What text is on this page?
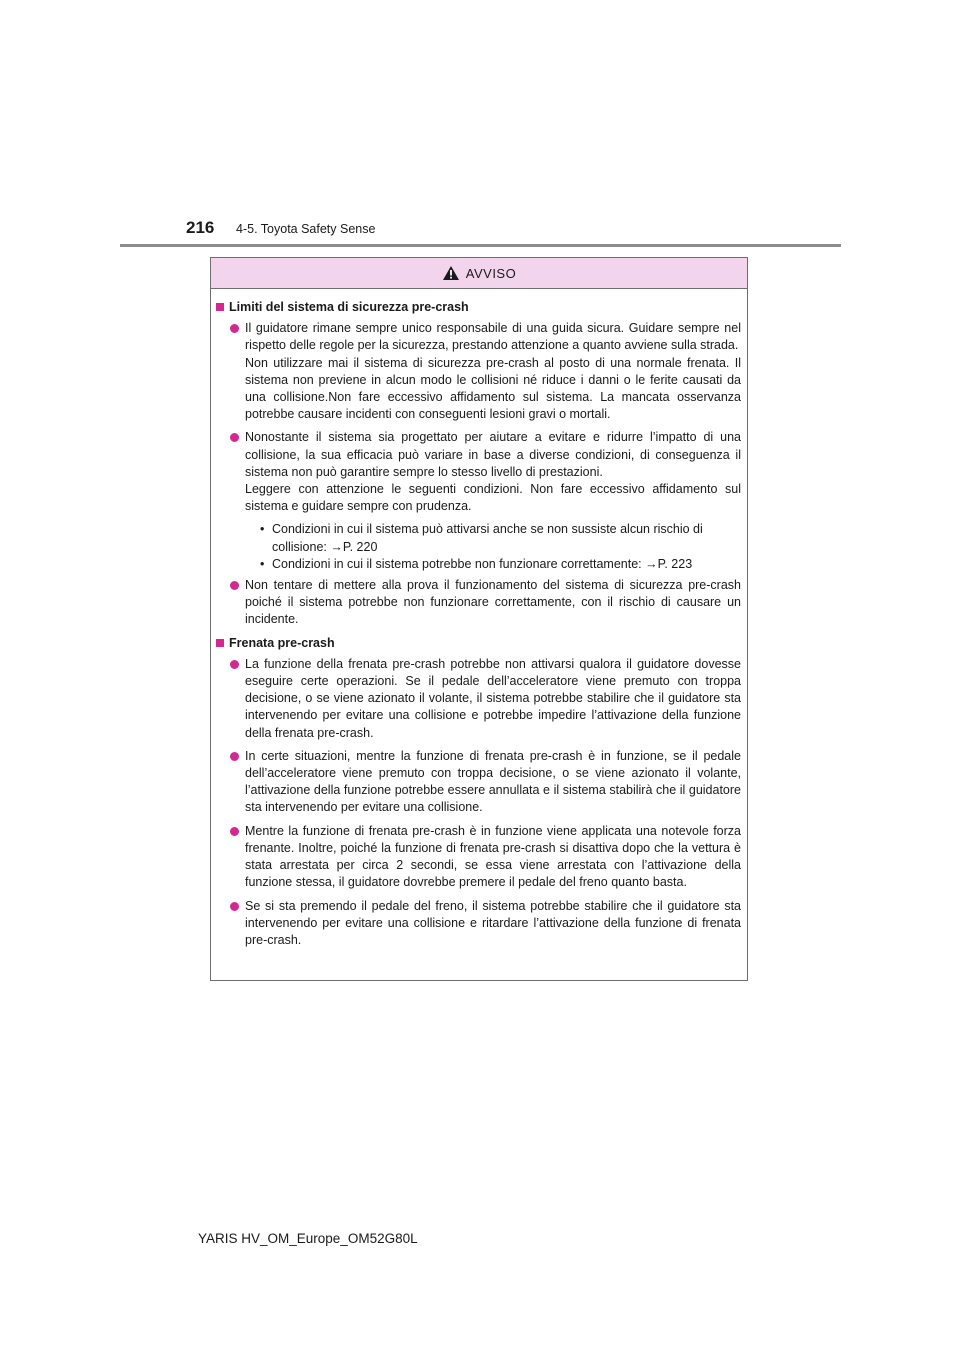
216 4-5. Toyota Safety Sense
AVVISO
Limiti del sistema di sicurezza pre-crash

Il guidatore rimane sempre unico responsabile di una guida sicura. Guidare sempre nel rispetto delle regole per la sicurezza, prestando attenzione a quanto avviene sulla strada.

Non utilizzare mai il sistema di sicurezza pre-crash al posto di una normale frenata. Il sistema non previene in alcun modo le collisioni né riduce i danni o le ferite causati da una collisione.Non fare eccessivo affidamento sul sistema. La mancata osservanza potrebbe causare incidenti con conseguenti lesioni gravi o mortali.

Nonostante il sistema sia progettato per aiutare a evitare e ridurre l’impatto di una collisione, la sua efficacia può variare in base a diverse condizioni, di conseguenza il sistema non può garantire sempre lo stesso livello di prestazioni.

Leggere con attenzione le seguenti condizioni. Non fare eccessivo affidamento sul sistema e guidare sempre con prudenza.

• Condizioni in cui il sistema può attivarsi anche se non sussiste alcun rischio di collisione: →P. 220
• Condizioni in cui il sistema potrebbe non funzionare correttamente: →P. 223

Non tentare di mettere alla prova il funzionamento del sistema di sicurezza pre-crash poiché il sistema potrebbe non funzionare correttamente, con il rischio di causare un incidente.

Frenata pre-crash

La funzione della frenata pre-crash potrebbe non attivarsi qualora il guidatore dovesse eseguire certe operazioni. Se il pedale dell’acceleratore viene premuto con troppa decisione, o se viene azionato il volante, il sistema potrebbe stabilire che il guidatore sta intervenendo per evitare una collisione e potrebbe impedire l’attivazione della funzione della frenata pre-crash.

In certe situazioni, mentre la funzione di frenata pre-crash è in funzione, se il pedale dell’acceleratore viene premuto con troppa decisione, o se viene azionato il volante, l’attivazione della funzione potrebbe essere annullata e il sistema stabilirà che il guidatore sta intervenendo per evitare una collisione.

Mentre la funzione di frenata pre-crash è in funzione viene applicata una notevole forza frenante. Inoltre, poiché la funzione di frenata pre-crash si disattiva dopo che la vettura è stata arrestata per circa 2 secondi, se essa viene arrestata con l’attivazione della funzione stessa, il guidatore dovrebbe premere il pedale del freno quanto basta.

Se si sta premendo il pedale del freno, il sistema potrebbe stabilire che il guidatore sta intervenendo per evitare una collisione e ritardare l’attivazione della funzione di frenata pre-crash.

YARIS HV_OM_Europe_OM52G80L
